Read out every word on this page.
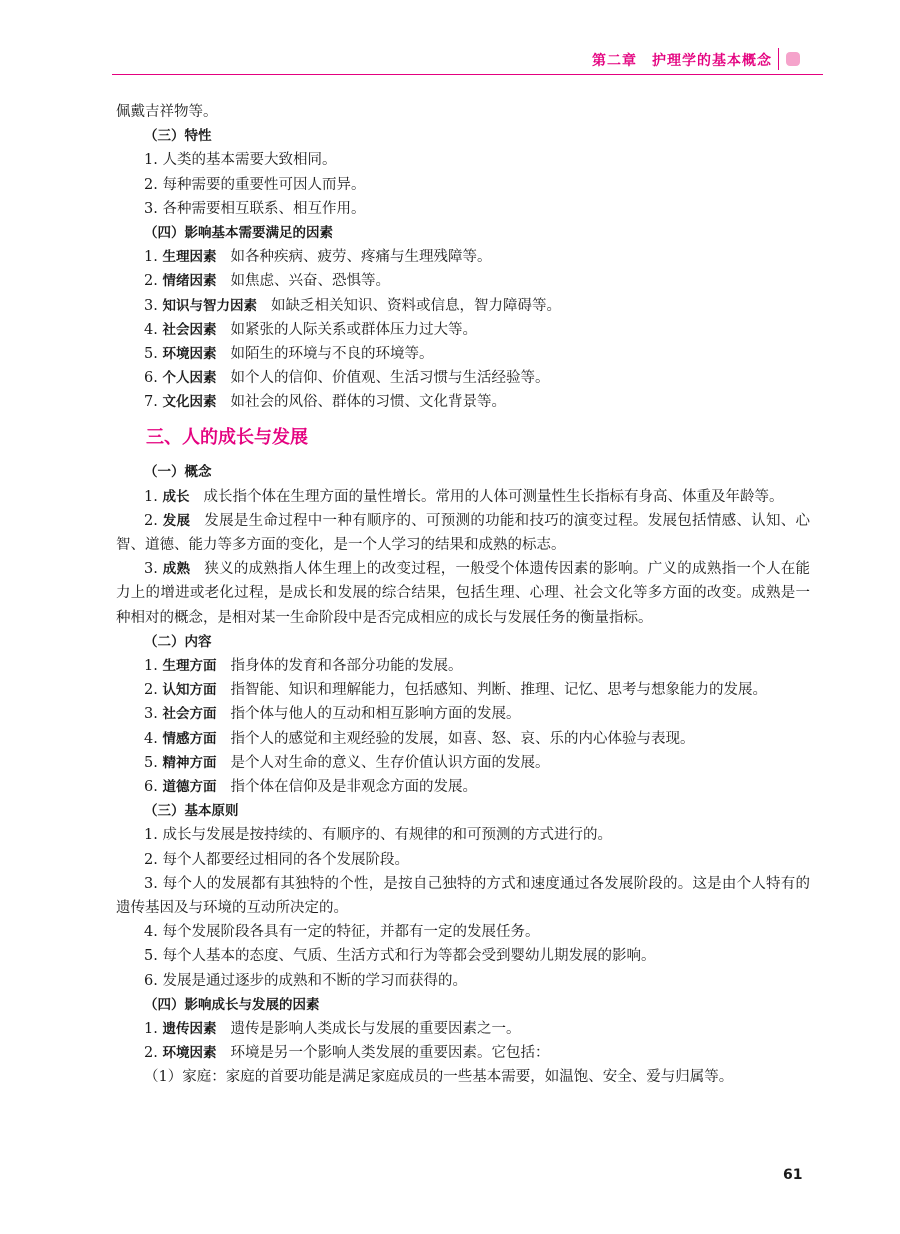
第二章　护理学的基本概念
佩戴吉祥物等。
（三）特性
1. 人类的基本需要大致相同。
2. 每种需要的重要性可因人而异。
3. 各种需要相互联系、相互作用。
（四）影响基本需要满足的因素
1. 生理因素 如各种疾病、疲劳、疼痛与生理残障等。
2. 情绪因素 如焦虑、兴奋、恐惧等。
3. 知识与智力因素 如缺乏相关知识、资料或信息，智力障碍等。
4. 社会因素 如紧张的人际关系或群体压力过大等。
5. 环境因素 如陌生的环境与不良的环境等。
6. 个人因素 如个人的信仰、价值观、生活习惯与生活经验等。
7. 文化因素 如社会的风俗、群体的习惯、文化背景等。
三、人的成长与发展
（一）概念

1. 成长 成长指个体在生理方面的量性增长。常用的人体可测量性生长指标有身高、体重及年龄等。

2. 发展 发展是生命过程中一种有顺序的、可预测的功能和技巧的演变过程。发展包括情感、认知、心智、道德、能力等多方面的变化，是一个人学习的结果和成熟的标志。

3. 成熟 狭义的成熟指人体生理上的改变过程，一般受个体遗传因素的影响。广义的成熟指一个人在能力上的增进或老化过程，是成长和发展的综合结果，包括生理、心理、社会文化等多方面的改变。成熟是一种相对的概念，是相对某一生命阶段中是否完成相应的成长与发展任务的衡量指标。

（二）内容
1. 生理方面 指身体的发育和各部分功能的发展。
2. 认知方面 指智能、知识和理解能力，包括感知、判断、推理、记忆、思考与想象能力的发展。
3. 社会方面 指个体与他人的互动和相互影响方面的发展。
4. 情感方面 指个人的感觉和主观经验的发展，如喜、怒、哀、乐的内心体验与表现。
5. 精神方面 是个人对生命的意义、生存价值认识方面的发展。
6. 道德方面 指个体在信仰及是非观念方面的发展。
（三）基本原则
1. 成长与发展是按持续的、有顺序的、有规律的和可预测的方式进行的。
2. 每个人都要经过相同的各个发展阶段。

3. 每个人的发展都有其独特的个性，是按自己独特的方式和速度通过各发展阶段的。这是由个人特有的遗传基因及与环境的互动所决定的。

4. 每个发展阶段各具有一定的特征，并都有一定的发展任务。
5. 每个人基本的态度、气质、生活方式和行为等都会受到婴幼儿期发展的影响。
6. 发展是通过逐步的成熟和不断的学习而获得的。
（四）影响成长与发展的因素
1. 遗传因素 遗传是影响人类成长与发展的重要因素之一。
2. 环境因素 环境是另一个影响人类发展的重要因素。它包括：
（1）家庭：家庭的首要功能是满足家庭成员的一些基本需要，如温饱、安全、爱与归属等。
61
